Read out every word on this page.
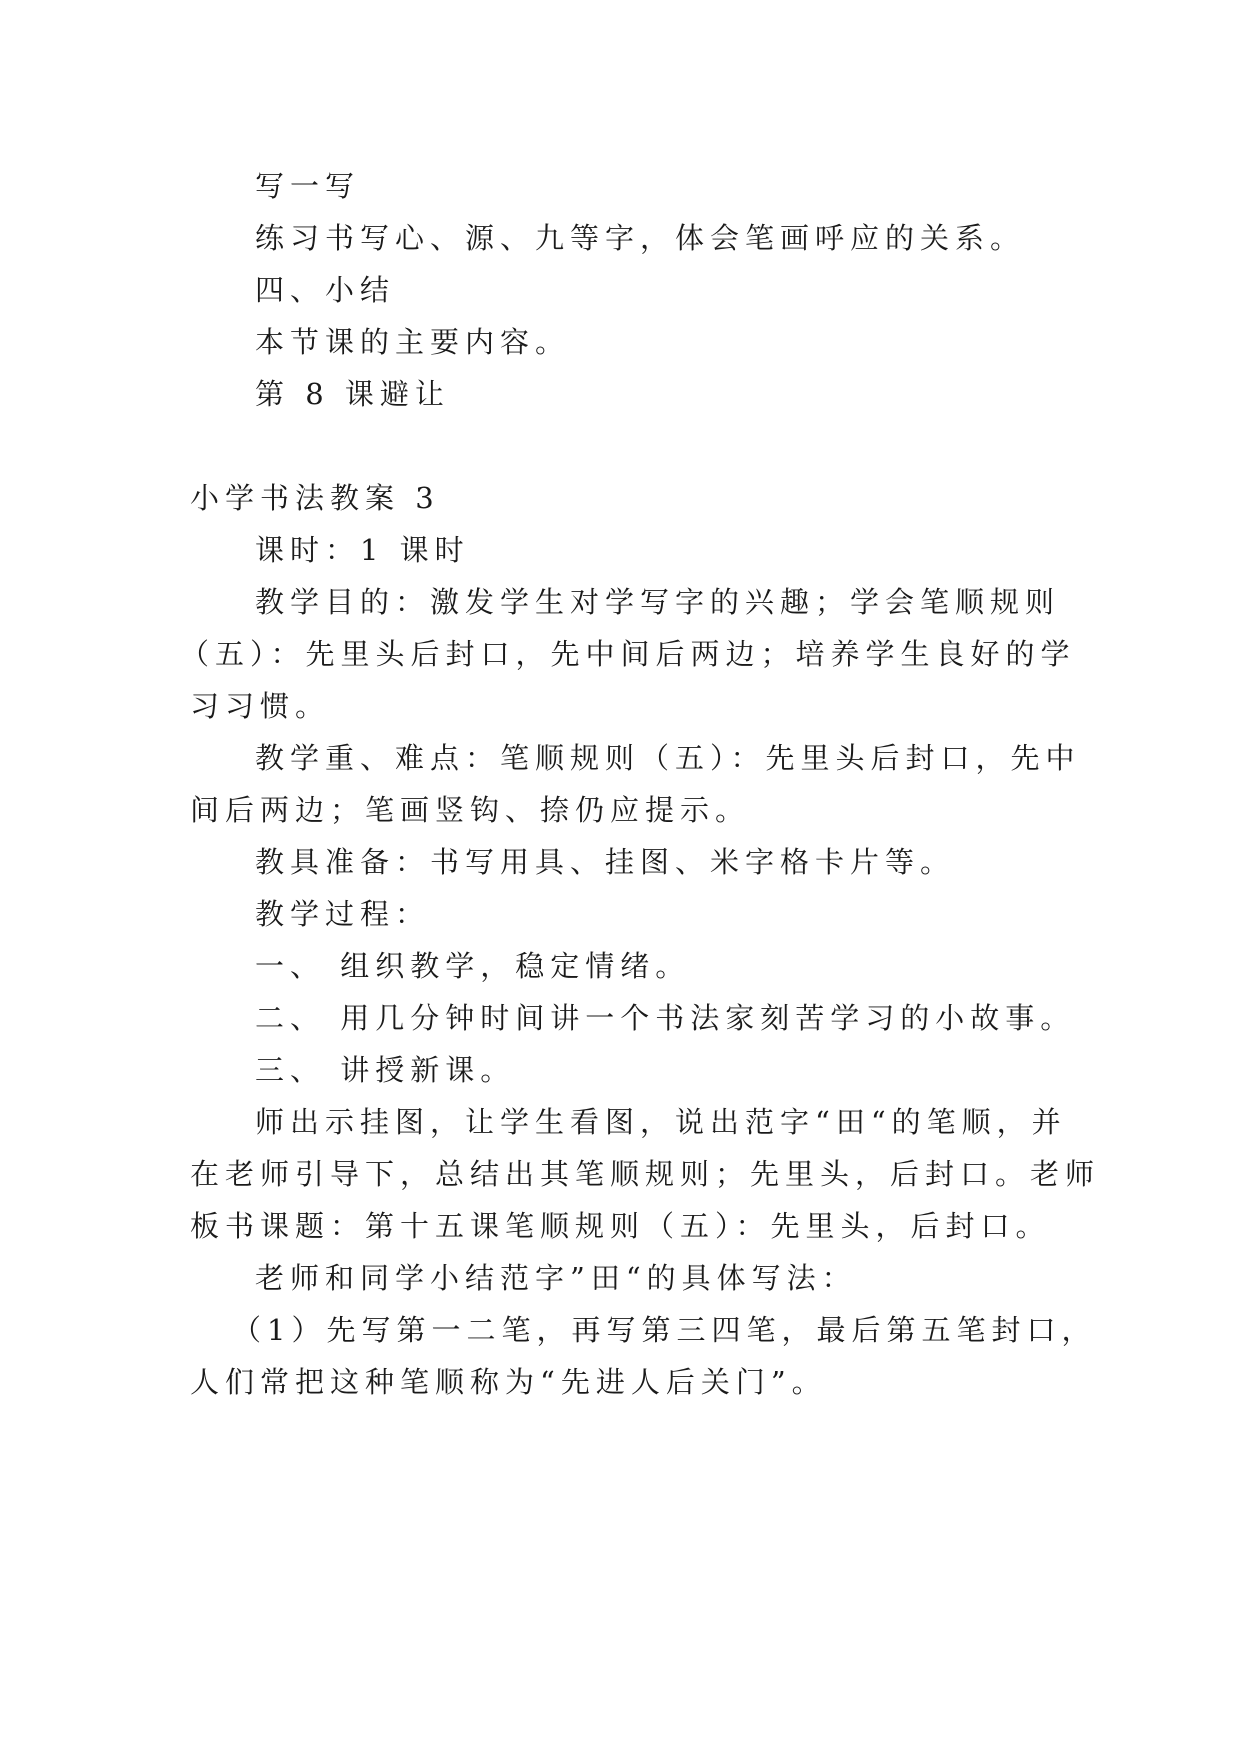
写一写
练习书写心、源、九等字，体会笔画呼应的关系。
四、小结
本节课的主要内容。
第 8 课避让
小学书法教案 3
课时：1 课时
教学目的：激发学生对学写字的兴趣；学会笔顺规则
（五）：先里头后封口，先中间后两边；培养学生良好的学
习习惯。
教学重、难点：笔顺规则（五）：先里头后封口，先中
间后两边；笔画竖钩、捺仍应提示。
教具准备：书写用具、挂图、米字格卡片等。
教学过程：
一、 组织教学，稳定情绪。
二、 用几分钟时间讲一个书法家刻苦学习的小故事。
三、 讲授新课。
师出示挂图，让学生看图，说出范字“田“的笔顺，并
在老师引导下，总结出其笔顺规则；先里头，后封口。老师
板书课题：第十五课笔顺规则（五）：先里头，后封口。
老师和同学小结范字”田“的具体写法：
（1）先写第一二笔，再写第三四笔，最后第五笔封口，
人们常把这种笔顺称为“先进人后关门”。
